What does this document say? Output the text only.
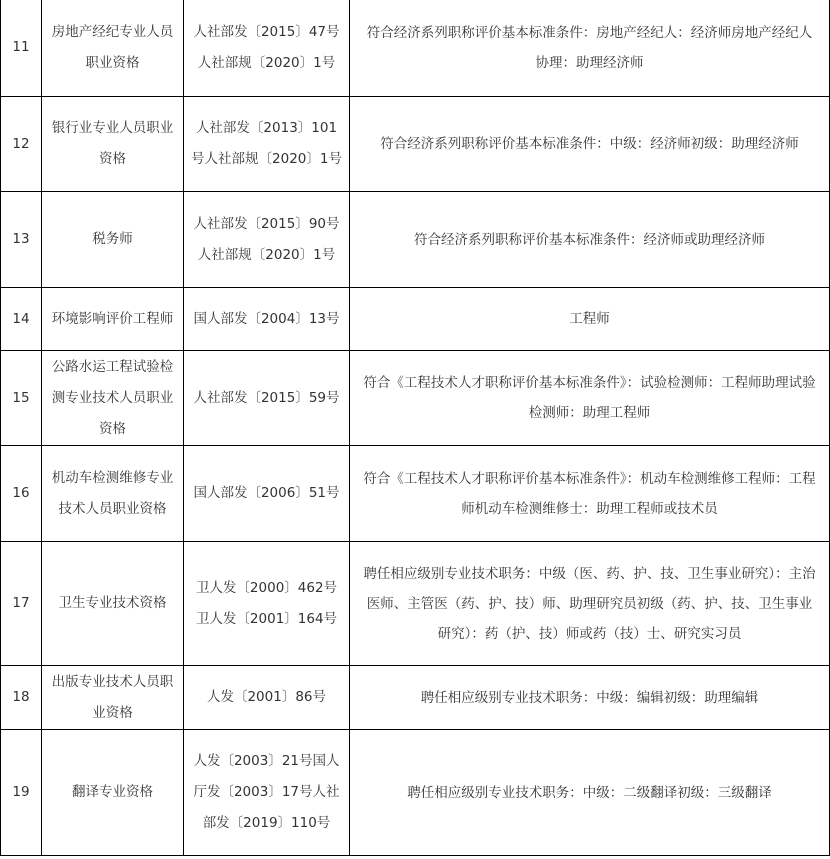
11	房地产经纪专业人员职业资格	人社部发〔2015〕47号人社部规〔2020〕1号	符合经济系列职称评价基本标准条件：房地产经纪人：经济师房地产经纪人协理：助理经济师
12	银行业专业人员职业资格	人社部发〔2013〕101号人社部规〔2020〕1号	符合经济系列职称评价基本标准条件：中级：经济师初级：助理经济师
13	税务师	人社部发〔2015〕90号人社部规〔2020〕1号	符合经济系列职称评价基本标准条件：经济师或助理经济师
14	环境影响评价工程师	国人部发〔2004〕13号	工程师
15	公路水运工程试验检测专业技术人员职业资格	人社部发〔2015〕59号	符合《工程技术人才职称评价基本标准条件》：试验检测师：工程师助理试验检测师：助理工程师
16	机动车检测维修专业技术人员职业资格	国人部发〔2006〕51号	符合《工程技术人才职称评价基本标准条件》：机动车检测维修工程师：工程师机动车检测维修士：助理工程师或技术员
17	卫生专业技术资格	卫人发〔2000〕462号卫人发〔2001〕164号	聘任相应级别专业技术职务：中级（医、药、护、技、卫生事业研究）：主治医师、主管医（药、护、技）师、助理研究员初级（药、护、技、卫生事业研究）：药（护、技）师或药（技）士、研究实习员
18	出版专业技术人员职业资格	人发〔2001〕86号	聘任相应级别专业技术职务：中级：编辑初级：助理编辑
19	翻译专业资格	人发〔2003〕21号国人厅发〔2003〕17号人社部发〔2019〕110号	聘任相应级别专业技术职务：中级：二级翻译初级：三级翻译
